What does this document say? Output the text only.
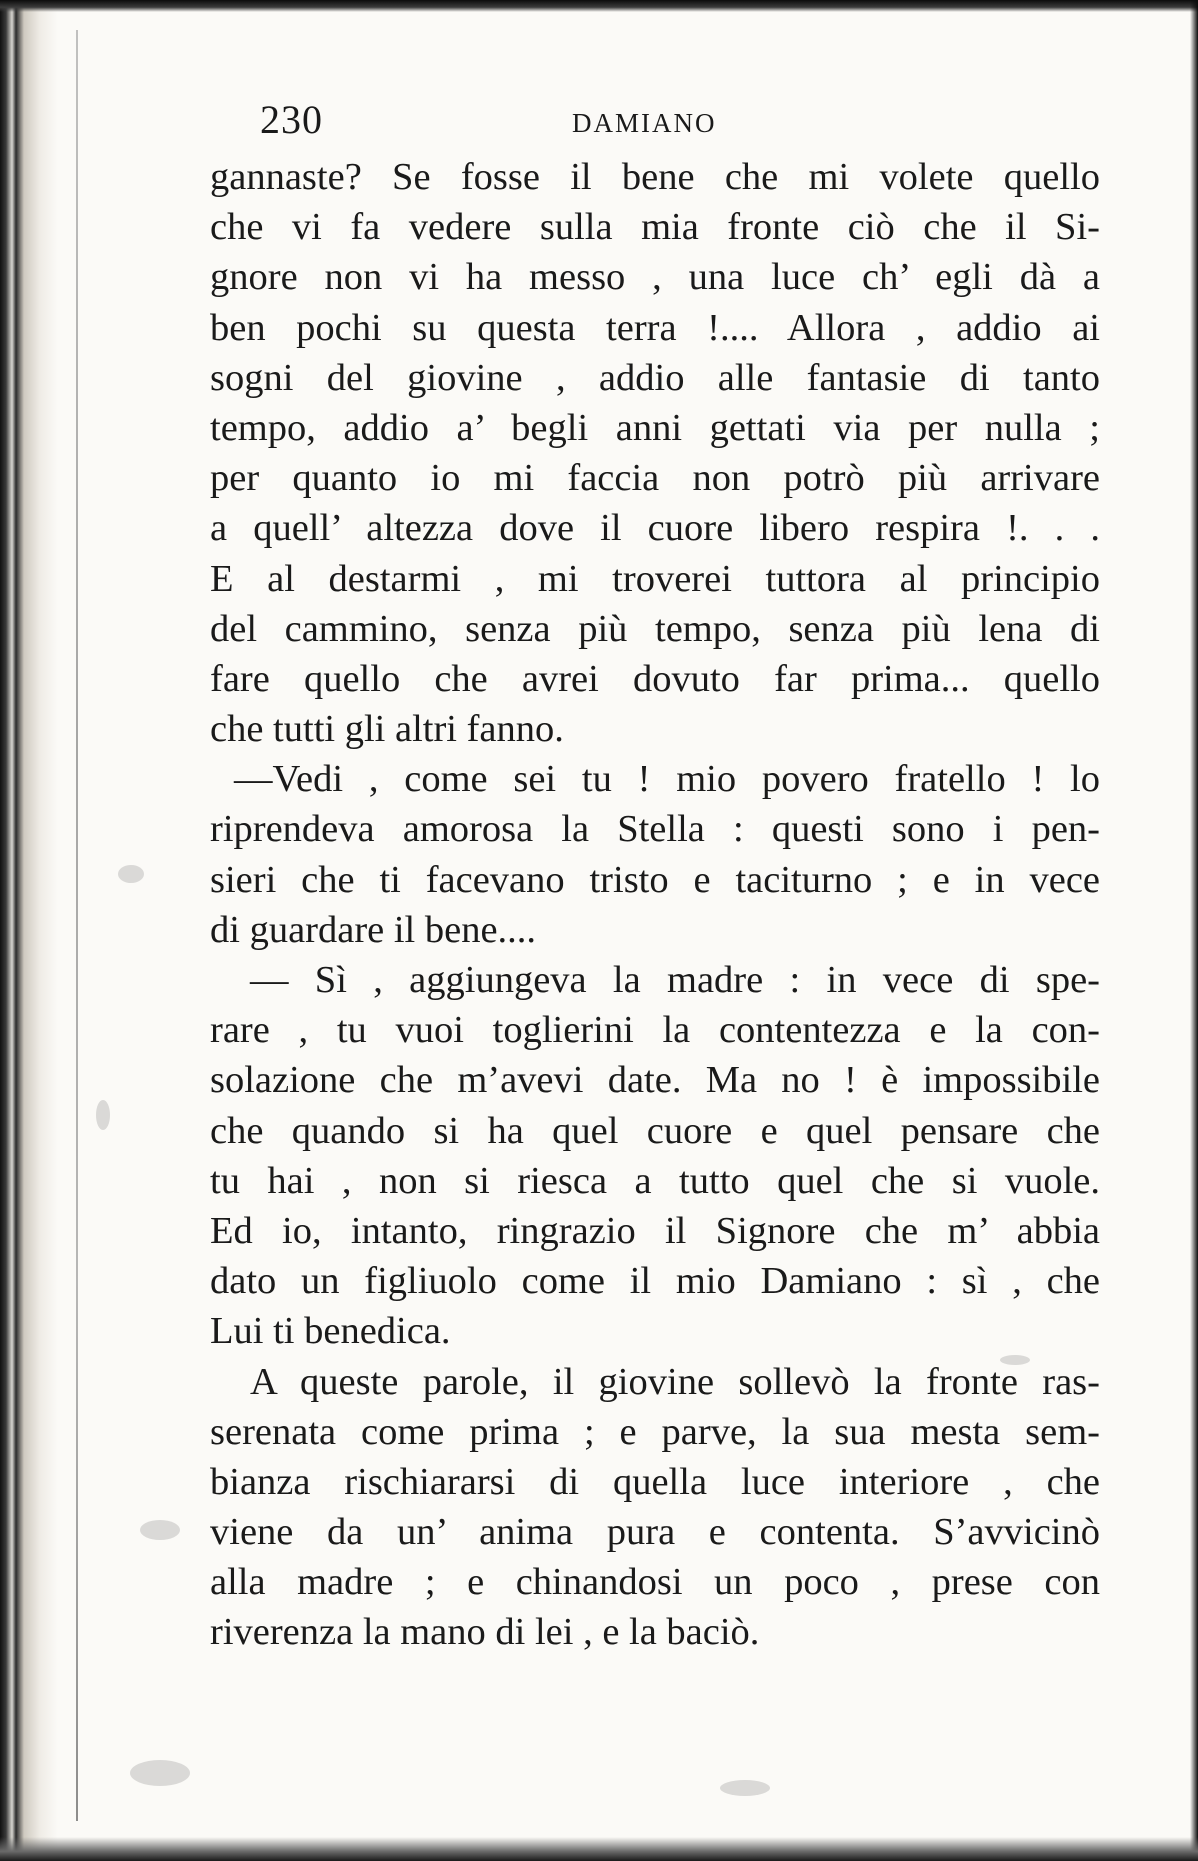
230	DAMIANO
gannaste? Se fosse il bene che mi volete quello
che vi fa vedere sulla mia fronte ciò che il Si-
gnore non vi ha messo , una luce ch’ egli dà a
ben pochi su questa terra !.... Allora , addio ai
sogni del giovine , addio alle fantasie di tanto
tempo, addio a’ begli anni gettati via per nulla ;
per quanto io mi faccia non potrò più arrivare
a quell’ altezza dove il cuore libero respira !. . .
E al destarmi , mi troverei tuttora al principio
del cammino, senza più tempo, senza più lena di
fare quello che avrei dovuto far prima... quello
che tutti gli altri fanno.
—Vedi , come sei tu ! mio povero fratello ! lo
riprendeva amorosa la Stella : questi sono i pen-
sieri che ti facevano tristo e taciturno ; e in vece
di guardare il bene....
— Sì , aggiungeva la madre : in vece di spe-
rare , tu vuoi toglierini la contentezza e la con-
solazione che m’avevi date. Ma no ! è impossibile
che quando si ha quel cuore e quel pensare che
tu hai , non si riesca a tutto quel che si vuole.
Ed io, intanto, ringrazio il Signore che m’ abbia
dato un figliuolo come il mio Damiano : sì , che
Lui ti benedica.
A queste parole, il giovine sollevò la fronte ras-
serenata come prima ; e parve, la sua mesta sem-
bianza rischiararsi di quella luce interiore , che
viene da un’ anima pura e contenta. S’avvicinò
alla madre ; e chinandosi un poco , prese con
riverenza la mano di lei , e la baciò.
